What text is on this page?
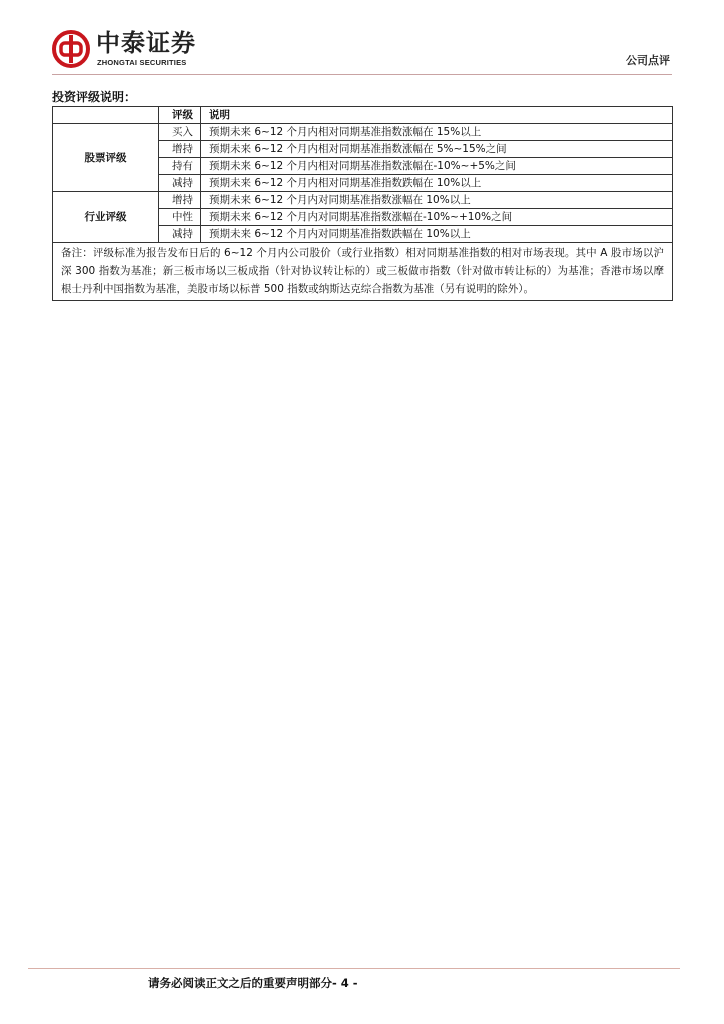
中泰证券
ZHONGTAI SECURITIES	公司点评
投资评级说明：
	评级	说明
股票评级	买入	预期未来 6~12 个月内相对同期基准指数涨幅在 15%以上
	增持	预期未来 6~12 个月内相对同期基准指数涨幅在 5%~15%之间
	持有	预期未来 6~12 个月内相对同期基准指数涨幅在-10%~+5%之间
	减持	预期未来 6~12 个月内相对同期基准指数跌幅在 10%以上
行业评级	增持	预期未来 6~12 个月内对同期基准指数涨幅在 10%以上
	中性	预期未来 6~12 个月内对同期基准指数涨幅在-10%~+10%之间
	减持	预期未来 6~12 个月内对同期基准指数跌幅在 10%以上
备注：评级标准为报告发布日后的 6~12 个月内公司股价（或行业指数）相对同期基准指数的相对市场表现。其中 A 股市场以沪深 300 指数为基准；新三板市场以三板成指（针对协议转让标的）或三板做市指数（针对做市转让标的）为基准；香港市场以摩根士丹利中国指数为基准，美股市场以标普 500 指数或纳斯达克综合指数为基准（另有说明的除外）。		
请务必阅读正文之后的重要声明部分- 4 -
